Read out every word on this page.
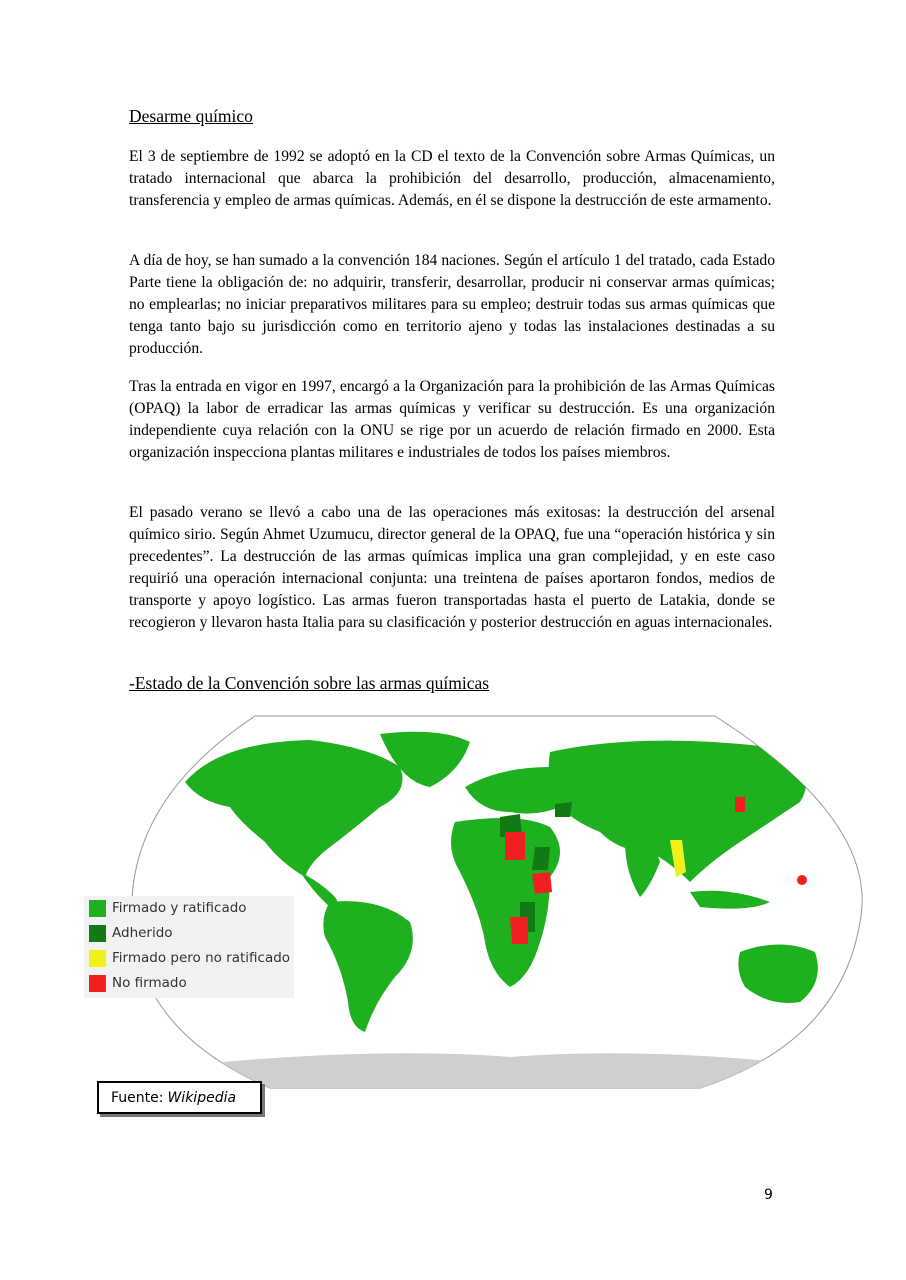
Desarme químico

El 3 de septiembre de 1992 se adoptó en la CD el texto de la Convención sobre Armas Químicas, un tratado internacional que abarca la prohibición del desarrollo, producción, almacenamiento, transferencia y empleo de armas químicas. Además, en él se dispone la destrucción de este armamento.

A día de hoy, se han sumado a la convención 184 naciones. Según el artículo 1 del tratado, cada Estado Parte tiene la obligación de: no adquirir, transferir, desarrollar, producir ni conservar armas químicas; no emplearlas; no iniciar preparativos militares para su empleo; destruir todas sus armas químicas que tenga tanto bajo su jurisdicción como en territorio ajeno y todas las instalaciones destinadas a su producción.

Tras la entrada en vigor en 1997, encargó a la Organización para la prohibición de las Armas Químicas (OPAQ) la labor de erradicar las armas químicas y verificar su destrucción. Es una organización independiente cuya relación con la ONU se rige por un acuerdo de relación firmado en 2000. Esta organización inspecciona plantas militares e industriales de todos los países miembros.

El pasado verano se llevó a cabo una de las operaciones más exitosas: la destrucción del arsenal químico sirio. Según Ahmet Uzumucu, director general de la OPAQ, fue una “operación histórica y sin precedentes”. La destrucción de las armas químicas implica una gran complejidad, y en este caso requirió una operación internacional conjunta: una treintena de países aportaron fondos, medios de transporte y apoyo logístico. Las armas fueron transportadas hasta el puerto de Latakia, donde se recogieron y llevaron hasta Italia para su clasificación y posterior destrucción en aguas internacionales.

-Estado de la Convención sobre las armas químicas
Firmado y ratificado
Adherido
Firmado pero no ratificado
No firmado
Fuente: Wikipedia
9
